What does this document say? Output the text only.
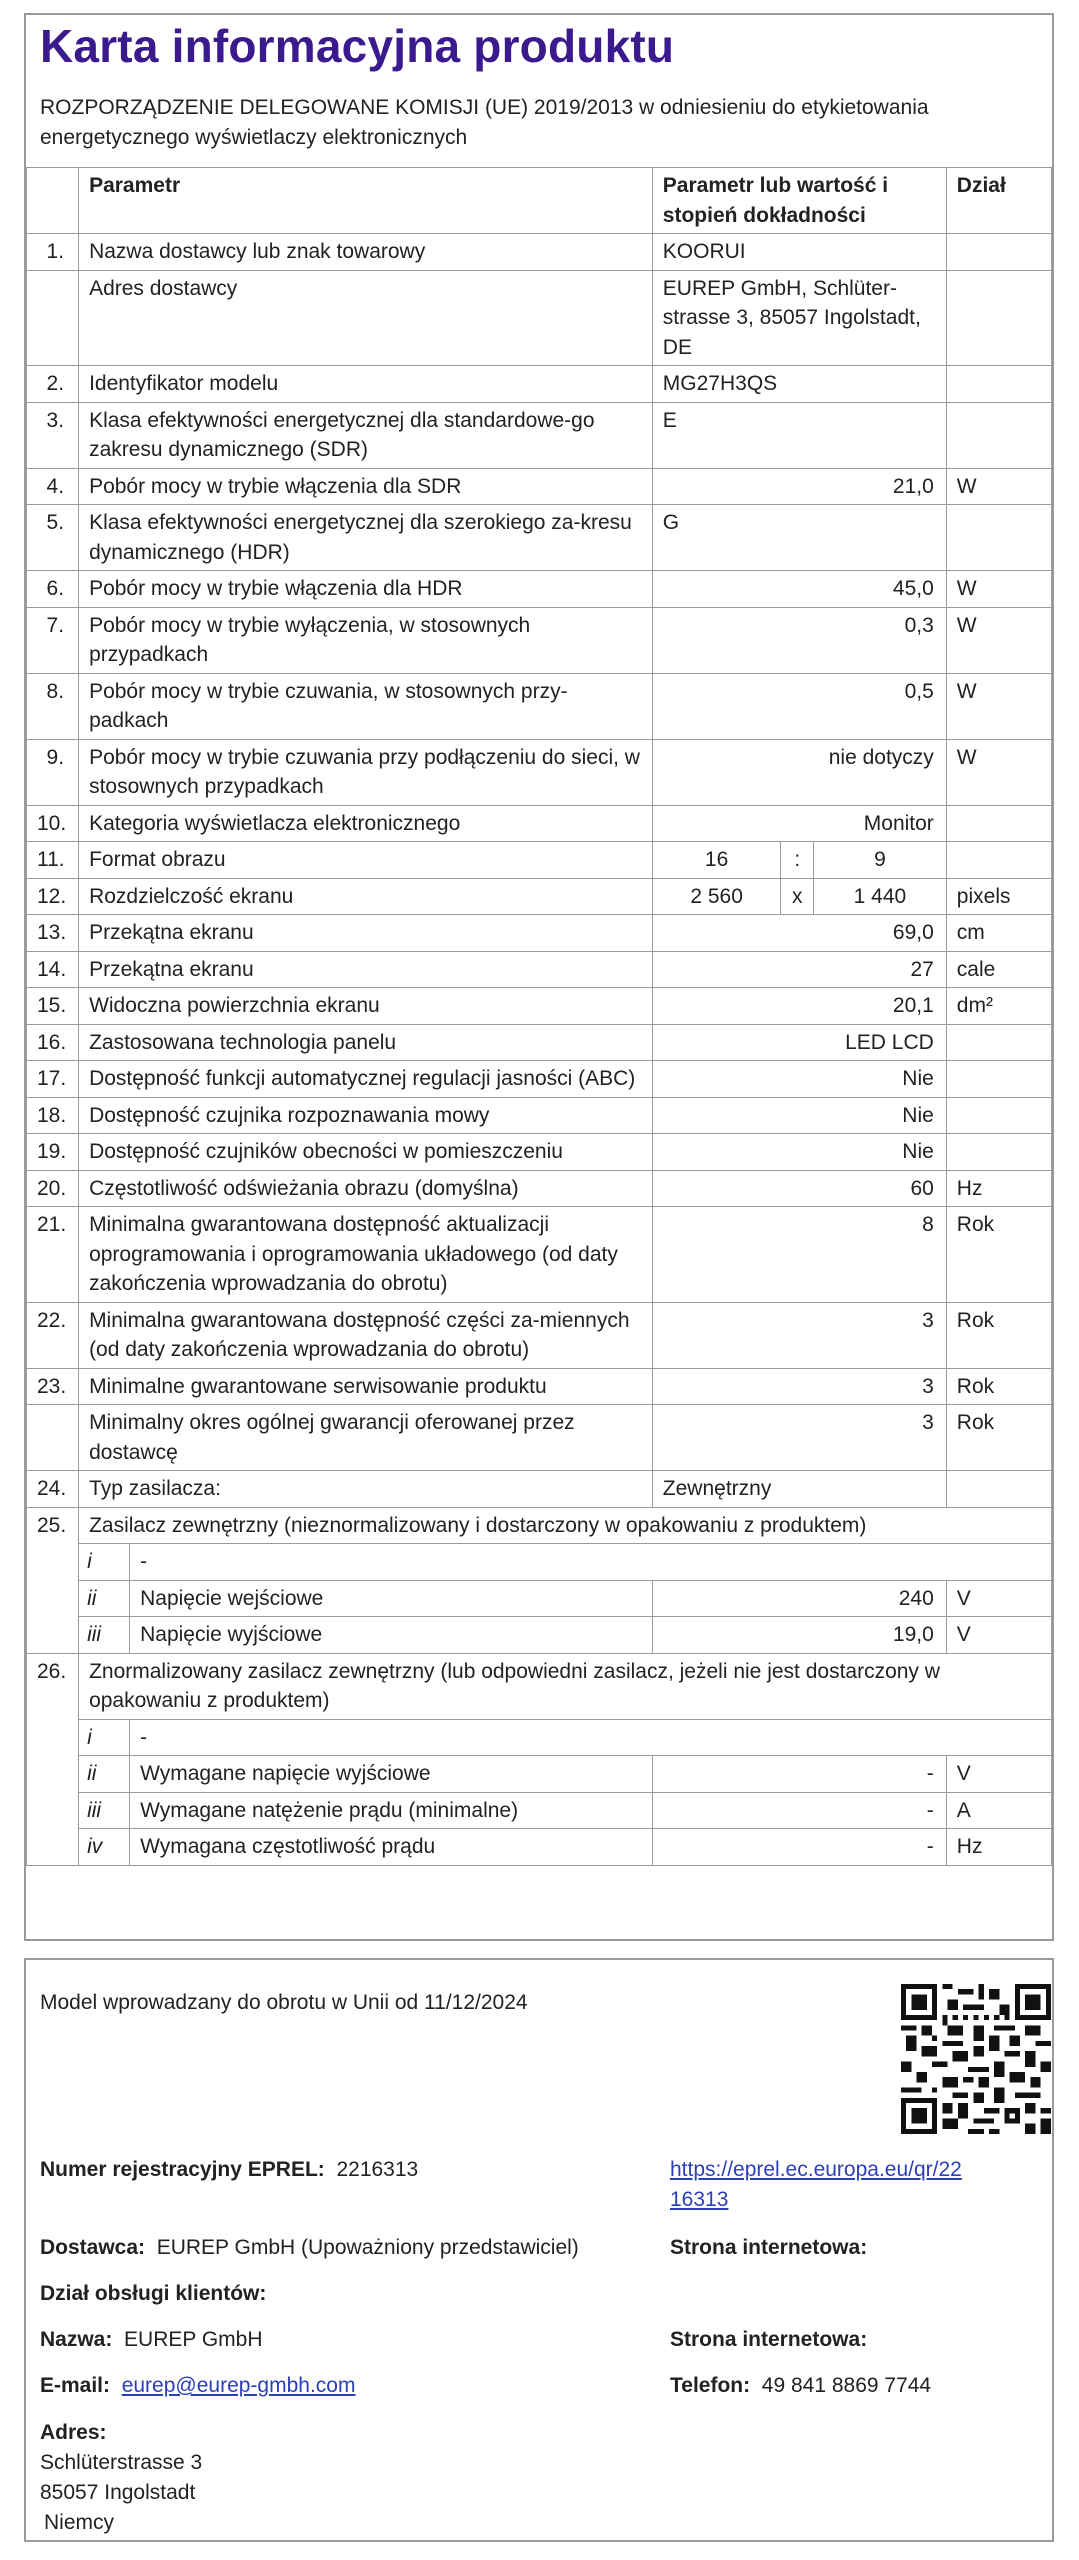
Karta informacyjna produktu
ROZPORZĄDZENIE DELEGOWANE KOMISJI (UE) 2019/2013 w odniesieniu do etykietowania energetycznego wyświetlaczy elektronicznych
	Parametr		Parametr lub wartość i stopień dokładności			Dział
1.	Nazwa dostawcy lub znak towarowy		KOORUI			
	Adres dostawcy		EUREP GmbH, Schlüter-strasse 3, 85057 Ingolstadt, DE			
2.	Identyfikator modelu		MG27H3QS			
3.	Klasa efektywności energetycznej dla standardowe-go zakresu dynamicznego (SDR)		E			
4.	Pobór mocy w trybie włączenia dla SDR		21,0			W
5.	Klasa efektywności energetycznej dla szerokiego za-kresu dynamicznego (HDR)		G			
6.	Pobór mocy w trybie włączenia dla HDR		45,0			W
7.	Pobór mocy w trybie wyłączenia, w stosownych przypadkach		0,3			W
8.	Pobór mocy w trybie czuwania, w stosownych przy-padkach		0,5			W
9.	Pobór mocy w trybie czuwania przy podłączeniu do sieci, w stosownych przypadkach		nie dotyczy			W
10.	Kategoria wyświetlacza elektronicznego		Monitor			
11.	Format obrazu		16	:	9	
12.	Rozdzielczość ekranu		2 560	x	1 440	pixels
13.	Przekątna ekranu		69,0			cm
14.	Przekątna ekranu		27			cale
15.	Widoczna powierzchnia ekranu		20,1			dm²
16.	Zastosowana technologia panelu		LED LCD			
17.	Dostępność funkcji automatycznej regulacji jasności (ABC)		Nie			
18.	Dostępność czujnika rozpoznawania mowy		Nie			
19.	Dostępność czujników obecności w pomieszczeniu		Nie			
20.	Częstotliwość odświeżania obrazu (domyślna)		60			Hz
21.	Minimalna gwarantowana dostępność aktualizacji oprogramowania i oprogramowania układowego (od daty zakończenia wprowadzania do obrotu)		8			Rok
22.	Minimalna gwarantowana dostępność części za-miennych (od daty zakończenia wprowadzania do obrotu)		3			Rok
23.	Minimalne gwarantowane serwisowanie produktu		3			Rok
	Minimalny okres ogólnej gwarancji oferowanej przez dostawcę		3			Rok
24.	Typ zasilacza:		Zewnętrzny			
25.	Zasilacz zewnętrzny (nieznormalizowany i dostarczony w opakowaniu z produktem)					
	i	-				
	ii	Napięcie wejściowe	240			V
	iii	Napięcie wyjściowe	19,0			V
26.	Znormalizowany zasilacz zewnętrzny (lub odpowiedni zasilacz, jeżeli nie jest dostarczony w opakowaniu z produktem)					
	i	-				
	ii	Wymagane napięcie wyjściowe	-			V
	iii	Wymagane natężenie prądu (minimalne)	-			A
	iv	Wymagana częstotliwość prądu	-			Hz
Model wprowadzany do obrotu w Unii od 11/12/2024
Numer rejestracyjny EPREL: 2216313	https://eprel.ec.europa.eu/qr/22
16313
Dostawca: EUREP GmbH (Upoważniony przedstawiciel)	Strona internetowa:
Dział obsługi klientów:
Nazwa: EUREP GmbH	Strona internetowa:
E-mail: eurep@eurep-gmbh.com	Telefon: 49 841 8869 7744
Adres:
Schlüterstrasse 3
85057 Ingolstadt
Niemcy
